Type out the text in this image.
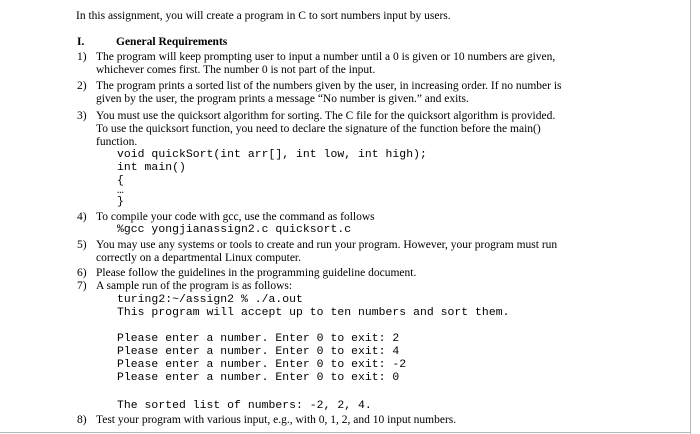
In this assignment, you will create a program in C to sort numbers input by users.
I.	General Requirements
1) The program will keep prompting user to input a number until a 0 is given or 10 numbers are given,
whichever comes first. The number 0 is not part of the input.
2) The program prints a sorted list of the numbers given by the user, in increasing order. If no number is
given by the user, the program prints a message “No number is given.” and exits.
3) You must use the quicksort algorithm for sorting. The C file for the quicksort algorithm is provided.
To use the quicksort function, you need to declare the signature of the function before the main()
function.
void quickSort(int arr[], int low, int high);
int main()
{
…
}
4) To compile your code with gcc, use the command as follows
%gcc yongjianassign2.c quicksort.c
5) You may use any systems or tools to create and run your program. However, your program must run
correctly on a departmental Linux computer.
6) Please follow the guidelines in the programming guideline document.
7) A sample run of the program is as follows:
turing2:~/assign2 % ./a.out
This program will accept up to ten numbers and sort them.
Please enter a number. Enter 0 to exit: 2
Please enter a number. Enter 0 to exit: 4
Please enter a number. Enter 0 to exit: -2
Please enter a number. Enter 0 to exit: 0
The sorted list of numbers: -2, 2, 4.
8) Test your program with various input, e.g., with 0, 1, 2, and 10 input numbers.
